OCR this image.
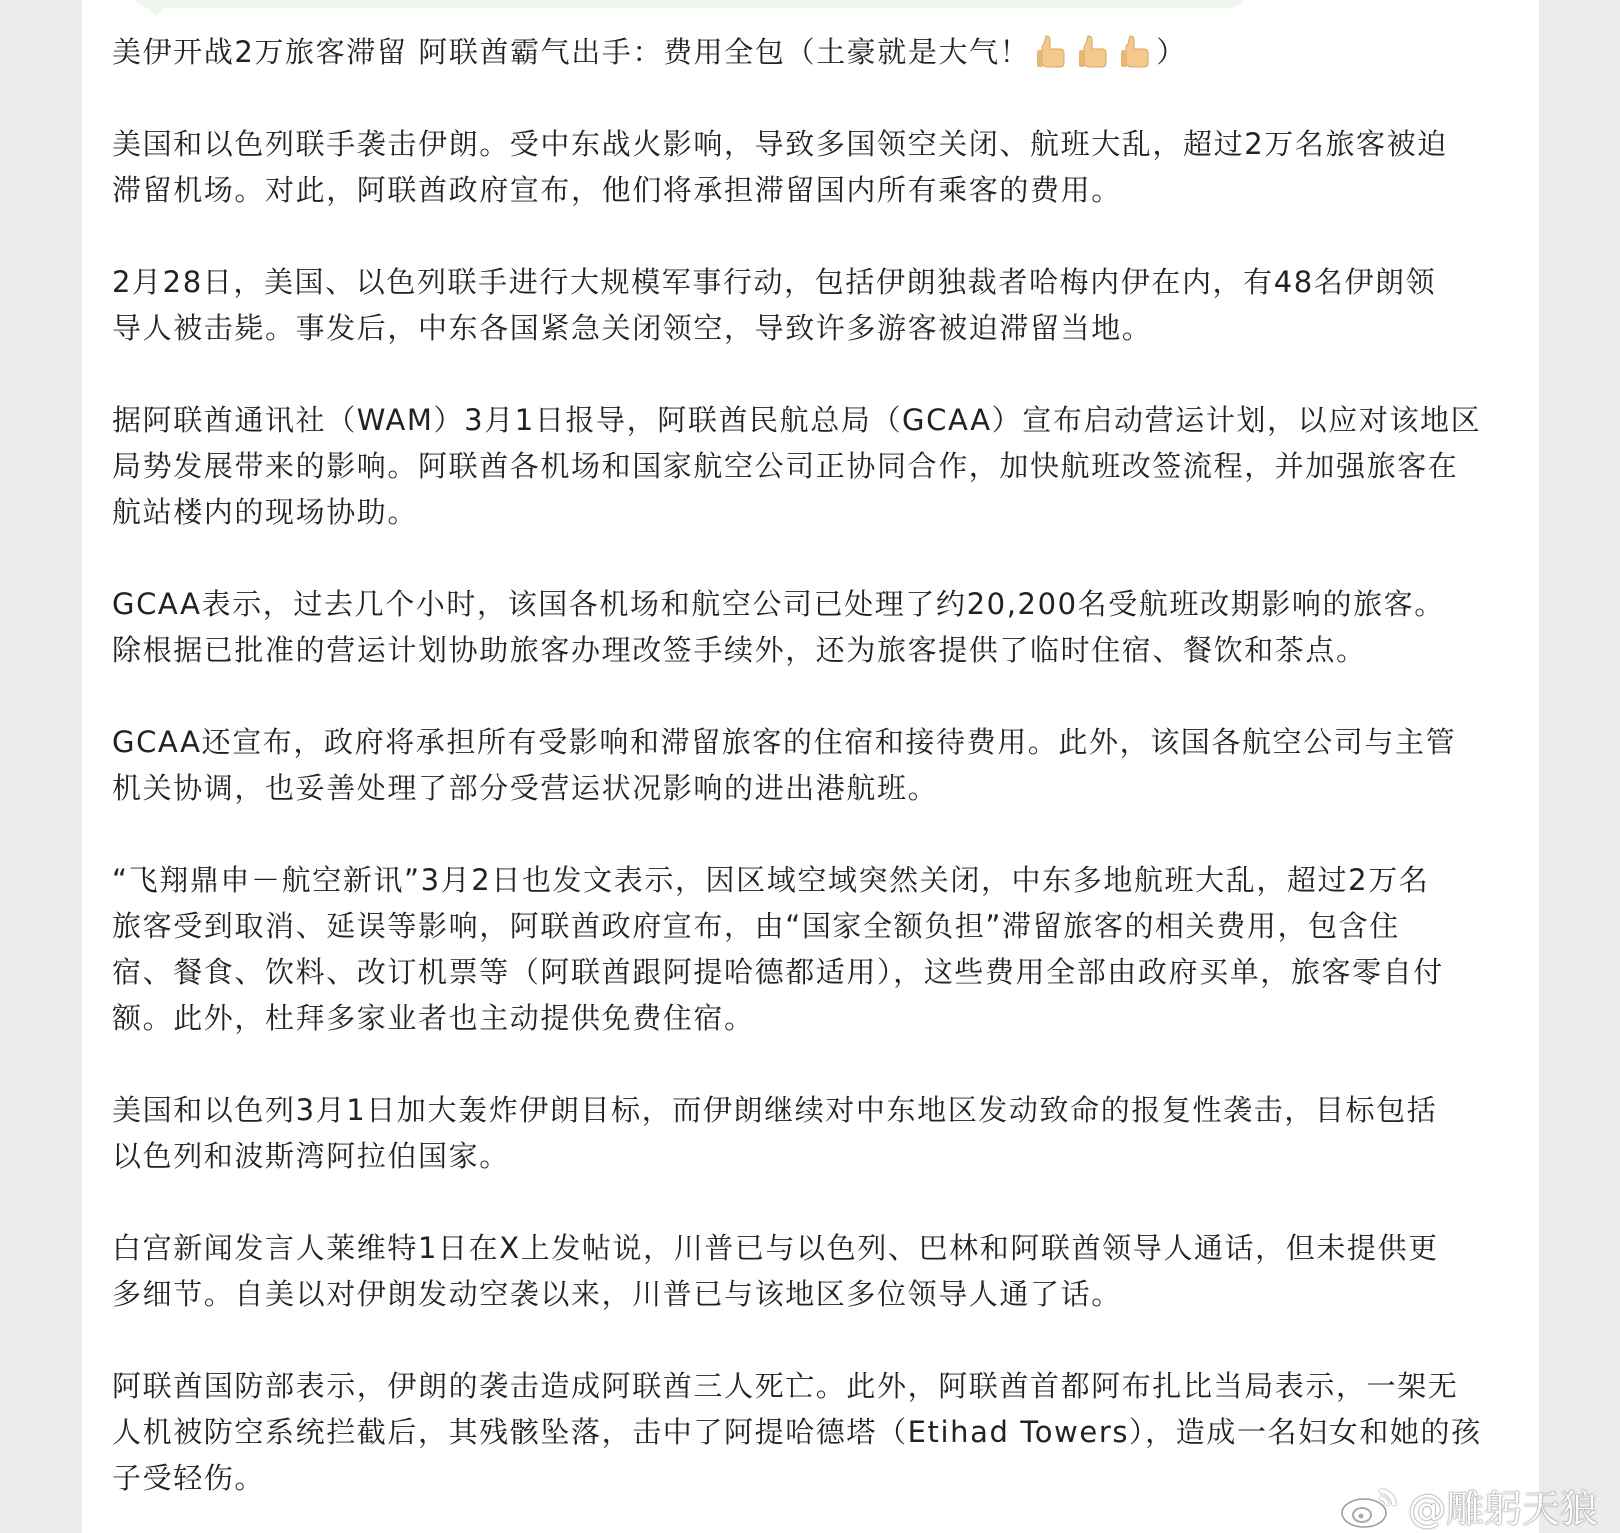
美伊开战2万旅客滞留 阿联酋霸气出手：费用全包（土豪就是大气！	）
美国和以色列联手袭击伊朗。受中东战火影响，导致多国领空关闭、航班大乱，超过2万名旅客被迫
滞留机场。对此，阿联酋政府宣布，他们将承担滞留国内所有乘客的费用。
2月28日，美国、以色列联手进行大规模军事行动，包括伊朗独裁者哈梅内伊在内，有48名伊朗领
导人被击毙。事发后，中东各国紧急关闭领空，导致许多游客被迫滞留当地。
据阿联酋通讯社（WAM）3月1日报导，阿联酋民航总局（GCAA）宣布启动营运计划，以应对该地区
局势发展带来的影响。阿联酋各机场和国家航空公司正协同合作，加快航班改签流程，并加强旅客在
航站楼内的现场协助。
GCAA表示，过去几个小时，该国各机场和航空公司已处理了约20,200名受航班改期影响的旅客。
除根据已批准的营运计划协助旅客办理改签手续外，还为旅客提供了临时住宿、餐饮和茶点。
GCAA还宣布，政府将承担所有受影响和滞留旅客的住宿和接待费用。此外，该国各航空公司与主管
机关协调，也妥善处理了部分受营运状况影响的进出港航班。
“飞翔鼎申－航空新讯”3月2日也发文表示，因区域空域突然关闭，中东多地航班大乱，超过2万名
旅客受到取消、延误等影响，阿联酋政府宣布，由“国家全额负担”滞留旅客的相关费用，包含住
宿、餐食、饮料、改订机票等（阿联酋跟阿提哈德都适用），这些费用全部由政府买单，旅客零自付
额。此外，杜拜多家业者也主动提供免费住宿。
美国和以色列3月1日加大轰炸伊朗目标，而伊朗继续对中东地区发动致命的报复性袭击，目标包括
以色列和波斯湾阿拉伯国家。
白宫新闻发言人莱维特1日在X上发帖说，川普已与以色列、巴林和阿联酋领导人通话，但未提供更
多细节。自美以对伊朗发动空袭以来，川普已与该地区多位领导人通了话。
阿联酋国防部表示，伊朗的袭击造成阿联酋三人死亡。此外，阿联酋首都阿布扎比当局表示，一架无
人机被防空系统拦截后，其残骸坠落，击中了阿提哈德塔（Etihad Towers），造成一名妇女和她的孩
子受轻伤。
@雕躬天狼
